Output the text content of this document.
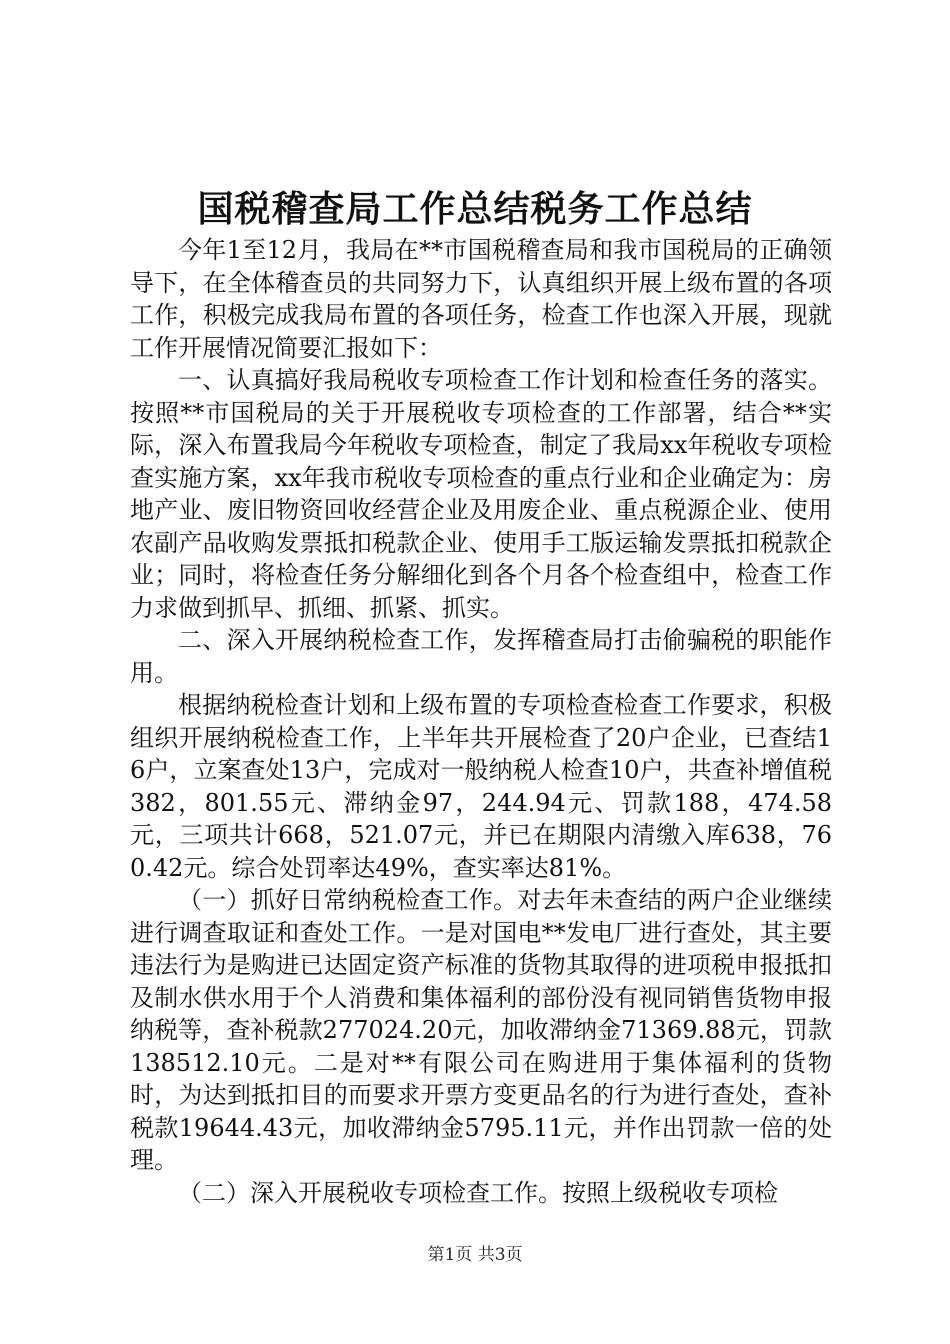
国税稽查局工作总结税务工作总结

今年1至12月，我局在**市国税稽查局和我市国税局的正确领导下，在全体稽查员的共同努力下，认真组织开展上级布置的各项工作，积极完成我局布置的各项任务，检查工作也深入开展，现就工作开展情况简要汇报如下：

一、认真搞好我局税收专项检查工作计划和检查任务的落实。按照**市国税局的关于开展税收专项检查的工作部署，结合**实际，深入布置我局今年税收专项检查，制定了我局xx年税收专项检查实施方案，xx年我市税收专项检查的重点行业和企业确定为：房地产业、废旧物资回收经营企业及用废企业、重点税源企业、使用农副产品收购发票抵扣税款企业、使用手工版运输发票抵扣税款企业；同时，将检查任务分解细化到各个月各个检查组中，检查工作力求做到抓早、抓细、抓紧、抓实。

二、深入开展纳税检查工作，发挥稽查局打击偷骗税的职能作用。

根据纳税检查计划和上级布置的专项检查检查工作要求，积极组织开展纳税检查工作，上半年共开展检查了20户企业，已查结16户，立案查处13户，完成对一般纳税人检查10户，共查补增值税382，801.55元、滞纳金97，244.94元、罚款188，474.58元，三项共计668，521.07元，并已在期限内清缴入库638，760.42元。综合处罚率达49%，查实率达81%。

（一）抓好日常纳税检查工作。对去年未查结的两户企业继续进行调查取证和查处工作。一是对国电**发电厂进行查处，其主要违法行为是购进已达固定资产标准的货物其取得的进项税申报抵扣及制水供水用于个人消费和集体福利的部份没有视同销售货物申报纳税等，查补税款277024.20元，加收滞纳金71369.88元，罚款138512.10元。二是对**有限公司在购进用于集体福利的货物时，为达到抵扣目的而要求开票方变更品名的行为进行查处，查补税款19644.43元，加收滞纳金5795.11元，并作出罚款一倍的处理。

（二）深入开展税收专项检查工作。按照上级税收专项检

第1页 共3页
